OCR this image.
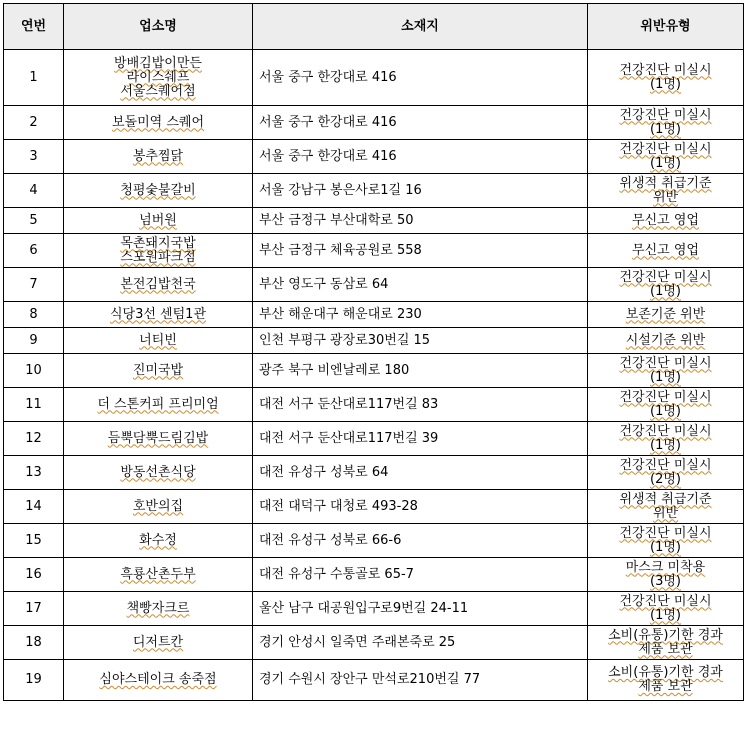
연번	업소명	소재지	위반유형
1	방배김밥이만든
라이스쉐프
서울스퀘어점	서울 중구 한강대로 416	건강진단 미실시
(1명)

2	보돌미역 스퀘어	서울 중구 한강대로 416	건강진단 미실시
(1명)

3	봉추찜닭	서울 중구 한강대로 416	건강진단 미실시
(1명)

4	청평숯불갈비	서울 강남구 봉은사로1길 16	위생적 취급기준
위반

5	넘버원	부산 금정구 부산대학로 50	무신고 영업

6	목촌돼지국밥
스포원파크점	부산 금정구 체육공원로 558	무신고 영업

7	본전김밥천국	부산 영도구 동삼로 64	건강진단 미실시
(1명)

8	식당3선 센텀1관	부산 해운대구 해운대로 230	보존기준 위반

9	너티빈	인천 부평구 광장로30번길 15	시설기준 위반

10	진미국밥	광주 북구 비엔날레로 180	건강진단 미실시
(1명)

11	더 스톤커피 프리미엄	대전 서구 둔산대로117번길 83	건강진단 미실시
(1명)

12	듬뿍담뿍드림김밥	대전 서구 둔산대로117번길 39	건강진단 미실시
(1명)

13	방동선촌식당	대전 유성구 성북로 64	건강진단 미실시
(2명)

14	호반의집	대전 대덕구 대청로 493-28	위생적 취급기준
위반

15	화수정	대전 유성구 성북로 66-6	건강진단 미실시
(1명)

16	흑룡산촌두부	대전 유성구 수통골로 65-7	마스크 미착용
(3명)

17	책빵자크르	울산 남구 대공원입구로9번길 24-11	건강진단 미실시
(1명)

18	디저트칸	경기 안성시 일죽면 주래본죽로 25	소비(유통)기한 경과
제품 보관

19	심야스테이크 송죽점	경기 수원시 장안구 만석로210번길 77	소비(유통)기한 경과
제품 보관
